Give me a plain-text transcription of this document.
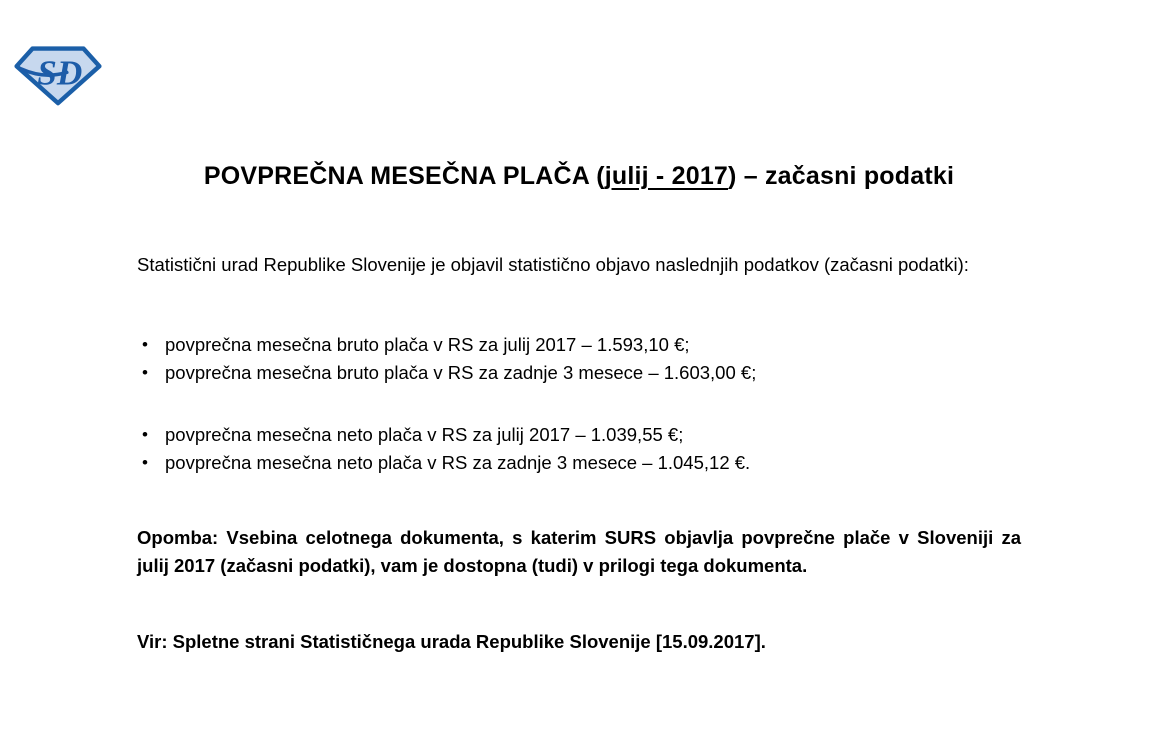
SD
POVPREČNA MESEČNA PLAČA (julij - 2017) – začasni podatki

Statistični urad Republike Slovenije je objavil statistično objavo naslednjih podatkov (začasni podatki):

• povprečna mesečna bruto plača v RS za julij 2017 – 1.593,10 €;
• povprečna mesečna bruto plača v RS za zadnje 3 mesece – 1.603,00 €;
• povprečna mesečna neto plača v RS za julij 2017 – 1.039,55 €;
• povprečna mesečna neto plača v RS za zadnje 3 mesece – 1.045,12 €.

Opomba: Vsebina celotnega dokumenta, s katerim SURS objavlja povprečne plače v Sloveniji za julij 2017 (začasni podatki), vam je dostopna (tudi) v prilogi tega dokumenta.

Vir: Spletne strani Statističnega urada Republike Slovenije [15.09.2017].
